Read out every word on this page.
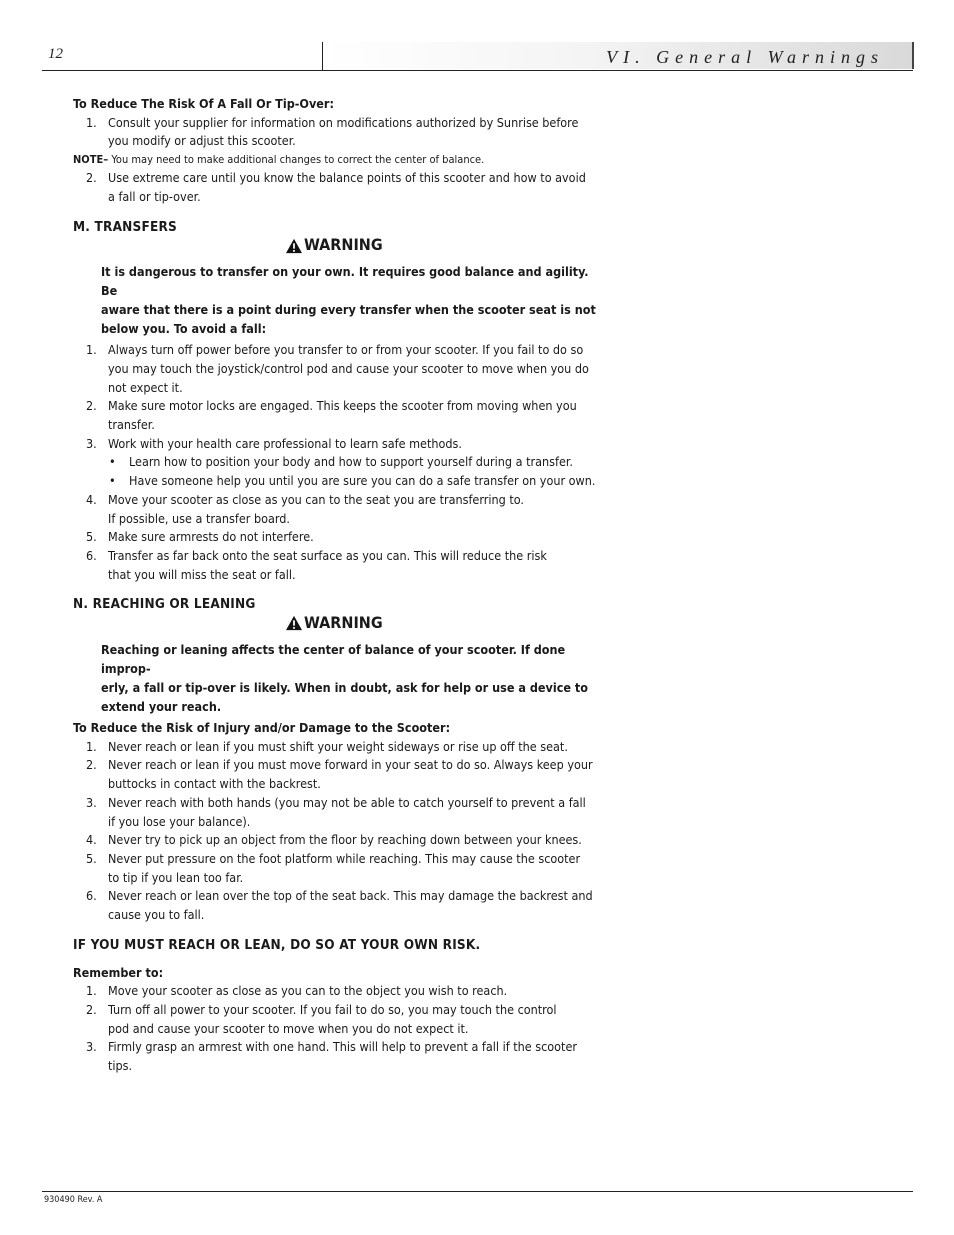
12	VI. General Warnings
To Reduce The Risk Of A Fall Or Tip-Over:
1. Consult your supplier for information on modifications authorized by Sunrise before
you modify or adjust this scooter.
NOTE– You may need to make additional changes to correct the center of balance.
2. Use extreme care until you know the balance points of this scooter and how to avoid
a fall or tip-over.
M. TRANSFERS
WARNING
It is dangerous to transfer on your own. It requires good balance and agility. Be
aware that there is a point during every transfer when the scooter seat is not
below you. To avoid a fall:
1. Always turn off power before you transfer to or from your scooter. If you fail to do so
you may touch the joystick/control pod and cause your scooter to move when you do
not expect it.
2. Make sure motor locks are engaged. This keeps the scooter from moving when you
transfer.
3. Work with your health care professional to learn safe methods.
• Learn how to position your body and how to support yourself during a transfer.
• Have someone help you until you are sure you can do a safe transfer on your own.
4. Move your scooter as close as you can to the seat you are transferring to.
If possible, use a transfer board.
5. Make sure armrests do not interfere.
6. Transfer as far back onto the seat surface as you can. This will reduce the risk
that you will miss the seat or fall.
N. REACHING OR LEANING
WARNING
Reaching or leaning affects the center of balance of your scooter. If done improp-
erly, a fall or tip-over is likely. When in doubt, ask for help or use a device to
extend your reach.
To Reduce the Risk of Injury and/or Damage to the Scooter:
1. Never reach or lean if you must shift your weight sideways or rise up off the seat.
2. Never reach or lean if you must move forward in your seat to do so. Always keep your
buttocks in contact with the backrest.
3. Never reach with both hands (you may not be able to catch yourself to prevent a fall
if you lose your balance).
4. Never try to pick up an object from the floor by reaching down between your knees.
5. Never put pressure on the foot platform while reaching. This may cause the scooter
to tip if you lean too far.
6. Never reach or lean over the top of the seat back. This may damage the backrest and
cause you to fall.
IF YOU MUST REACH OR LEAN, DO SO AT YOUR OWN RISK.
Remember to:
1. Move your scooter as close as you can to the object you wish to reach.
2. Turn off all power to your scooter. If you fail to do so, you may touch the control
pod and cause your scooter to move when you do not expect it.
3. Firmly grasp an armrest with one hand. This will help to prevent a fall if the scooter
tips.
930490 Rev. A
